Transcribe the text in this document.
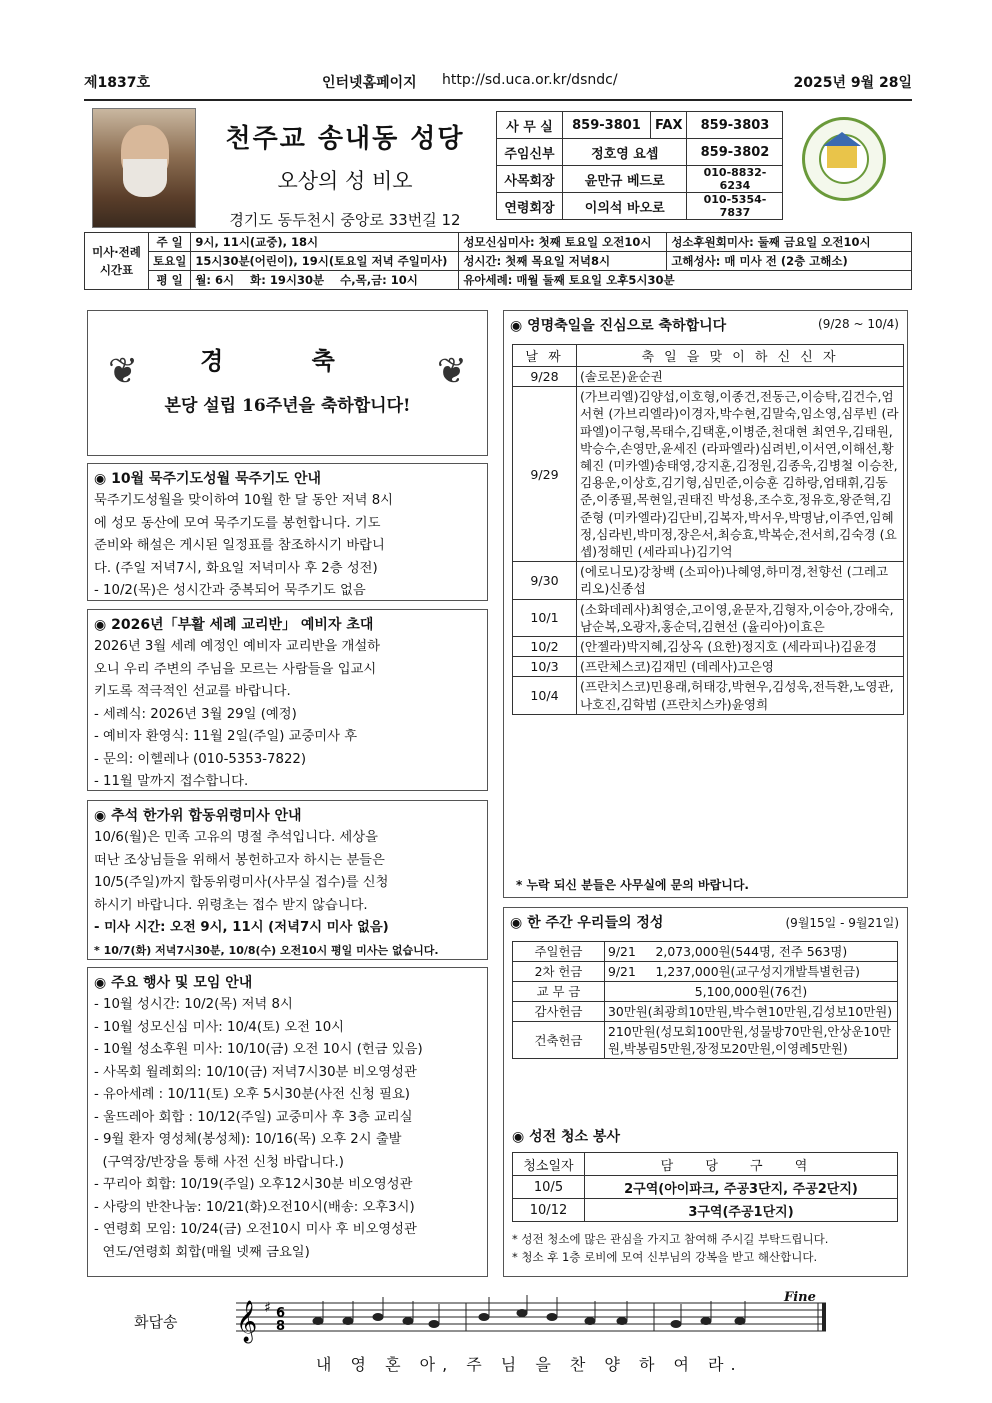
제1837호	인터넷홈페이지 http://sd.uca.or.kr/dsndc/	2025년 9월 28일
천주교 송내동 성당
오상의 성 비오
경기도 동두천시 중앙로 33번길 12
사 무 실	859-3801	FAX	859-3803
주임신부	정호영 요셉		859-3802
사목회장	윤만규 베드로		010-8832-6234
연령회장	이의석 바오로		010-5354-7837
미사·전례 시간표	주 일	9시, 11시(교중), 18시	성모신심미사: 첫째 토요일 오전10시	성소후원회미사: 둘째 금요일 오전10시
	토요일	15시30분(어린이), 19시(토요일 저녁 주일미사)	성시간: 첫째 목요일 저녁8시	고해성사: 매 미사 전 (2층 고해소)
	평 일	월: 6시    화: 19시30분    수,목,금: 10시	유아세례: 매월 둘째 토요일 오후5시30분	
❦	❦
경 축
본당 설립 16주년을 축하합니다!
◉ 10월 묵주기도성월 묵주기도 안내
묵주기도성월을 맞이하여 10월 한 달 동안 저녁 8시
에 성모 동산에 모여 묵주기도를 봉헌합니다. 기도
준비와 해설은 게시된 일정표를 참조하시기 바랍니
다. (주일 저녁7시, 화요일 저녁미사 후 2층 성전)
- 10/2(목)은 성시간과 중복되어 묵주기도 없음
◉ 2026년「부활 세례 교리반」 예비자 초대
2026년 3월 세례 예정인 예비자 교리반을 개설하
오니 우리 주변의 주님을 모르는 사람들을 입교시
키도록 적극적인 선교를 바랍니다.
- 세례식: 2026년 3월 29일 (예정)
- 예비자 환영식: 11월 2일(주일) 교중미사 후
- 문의: 이헬레나 (010-5353-7822)
- 11월 말까지 접수합니다.
◉ 추석 한가위 합동위령미사 안내
10/6(월)은 민족 고유의 명절 추석입니다. 세상을
떠난 조상님들을 위해서 봉헌하고자 하시는 분들은
10/5(주일)까지 합동위령미사(사무실 접수)를 신청
하시기 바랍니다. 위령초는 접수 받지 않습니다.
- 미사 시간: 오전 9시, 11시 (저녁7시 미사 없음)
* 10/7(화) 저녁7시30분, 10/8(수) 오전10시 평일 미사는 없습니다.
◉ 주요 행사 및 모임 안내
- 10월 성시간: 10/2(목) 저녁 8시
- 10월 성모신심 미사: 10/4(토) 오전 10시
- 10월 성소후원 미사: 10/10(금) 오전 10시 (헌금 있음)
- 사목회 월례회의: 10/10(금) 저녁7시30분 비오영성관
- 유아세례 : 10/11(토) 오후 5시30분(사전 신청 필요)
- 울뜨레아 회합 : 10/12(주일) 교중미사 후 3층 교리실
- 9월 환자 영성체(봉성체): 10/16(목) 오후 2시 출발
(구역장/반장을 통해 사전 신청 바랍니다.)
- 꾸리아 회합: 10/19(주일) 오후12시30분 비오영성관
- 사랑의 반찬나눔: 10/21(화)오전10시(배송: 오후3시)
- 연령회 모임: 10/24(금) 오전10시 미사 후 비오영성관
연도/연령회 회합(매월 넷째 금요일)
◉ 영명축일을 진심으로 축하합니다	(9/28 ~ 10/4)
날 짜	축 일 을 맞 이 하 신 신 자
9/28	(솔로몬)윤순권
9/29	(가브리엘)김양섭,이호형,이종건,전동근,이승탁,김건수,엄서현 (가브리엘라)이경자,박수현,김말숙,임소영,심루빈 (라파엘)이구형,목태수,김택훈,이병준,천대현 최연우,김태원,박승수,손영만,윤세진 (라파엘라)심려빈,이서연,이해선,황혜진 (미카엘)송태영,강지훈,김정원,김종욱,김병철 이승찬,김용운,이상호,김기형,심민준,이승훈 김하랑,엄태휘,김동준,이종필,목현일,권태진 박성용,조수호,정유호,왕준혁,김준형 (미카엘라)김단비,김복자,박서우,박명남,이주연,임혜정,심라빈,박미정,장은서,최승효,박복순,전서희,김숙경 (요셉)정해민 (세라피나)김기억
9/30	(에로니모)강창백 (소피아)나혜영,하미경,천향선 (그레고리오)신종섭
10/1	(소화데레사)최영순,고이영,윤문자,김형자,이승아,강애숙,남순복,오광자,홍순덕,김현선 (율리아)이효은
10/2	(안젤라)박지혜,김상옥 (요한)정지호 (세라피나)김윤경
10/3	(프란체스코)김재민 (데레사)고은영
10/4	(프란치스코)민용래,허태강,박현우,김성욱,전득환,노영관,나호진,김학범 (프란치스카)윤영희
* 누락 되신 분들은 사무실에 문의 바랍니다.
◉ 한 주간 우리들의 정성	(9월15일 - 9월21일)
주일헌금	9/21     2,073,000원(544명, 전주 563명)
2차 헌금	9/21     1,237,000원(교구성지개발특별헌금)
교 무 금	5,100,000원(76건)
감사헌금	30만원(최광희10만원,박수현10만원,김성보10만원)
건축헌금	210만원(성모회100만원,성물방70만원,안상운10만원,박봉림5만원,장정모20만원,이영례5만원)
◉ 성전 청소 봉사
청소일자	담 당 구 역
10/5	2구역(아이파크, 주공3단지, 주공2단지)
10/12	3구역(주공1단지)
* 성전 청소에 많은 관심을 가지고 참여해 주시길 부탁드립니다.
* 청소 후 1층 로비에 모여 신부님의 강복을 받고 해산합니다.
화답송 𝄞 ♯ 6
8
Fine
내 영 혼 아, 주 님 을 찬 양 하 여 라.
